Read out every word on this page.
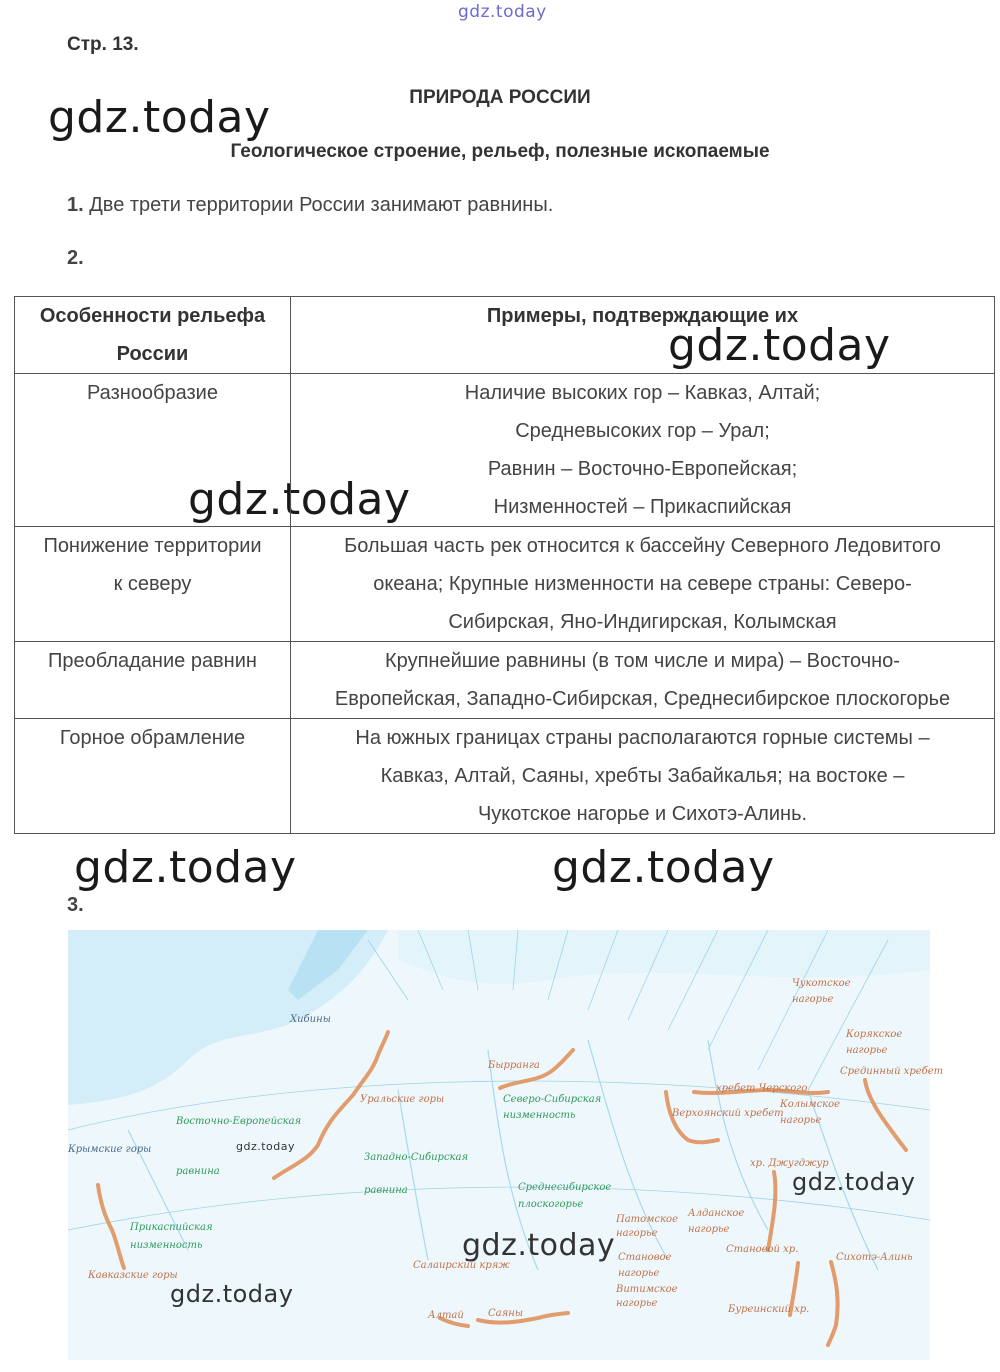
gdz.today
gdz.today
gdz.today
gdz.today
gdz.today	gdz.today
Стр. 13.
ПРИРОДА РОССИИ
Геологическое строение, рельеф, полезные ископаемые
1. Две трети территории России занимают равнины.
2.
Особенности рельефа России	Примеры, подтверждающие их

Разнообразие	Наличие высоких гор – Кавказ, Алтай;
Средневысоких гор – Урал;
Равнин – Восточно-Европейская;
Низменностей – Прикаспийская

Понижение территории
к северу	Большая часть рек относится к бассейну Северного Ледовитого
океана; Крупные низменности на севере страны: Северо-
Сибирская, Яно-Индигирская, Колымская

Преобладание равнин	Крупнейшие равнины (в том числе и мира) – Восточно-
Европейская, Западно-Сибирская, Среднесибирское плоскогорье

Горное обрамление	На южных границах страны располагаются горные системы –
Кавказ, Алтай, Саяны, хребты Забайкалья; на востоке –
Чукотское нагорье и Сихотэ-Алинь.
3.
Хибины
Бырранга
Уральские горы
Крымские горы
Кавказские горы
Восточно-Европейская
равнина
Прикаспийская
низменность
Западно-Сибирская
равнина
Северо-Сибирская
низменность
Среднесибирское
плоскогорье
Салаирский кряж
Алтай Саяны
Патомское
нагорье
Становое
нагорье
Витимское
нагорье
Алданское
нагорье
Становой хр.
Буреинский хр.
Сихотэ-Алинь
хр. Джугджур
Верхоянский хребет
хребет Черского
Колымское
нагорье
Чукотское
нагорье
Корякское
нагорье
Срединный хребет
gdz.today
gdz.today
gdz.today
gdz.today
